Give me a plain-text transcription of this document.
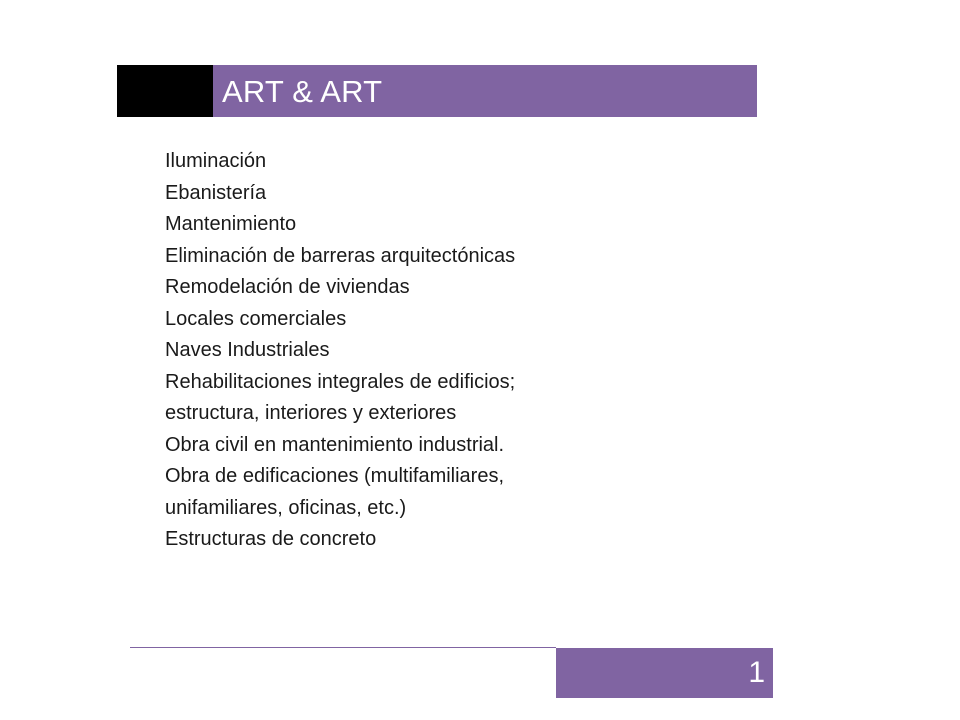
ART & ART
Iluminación
Ebanistería
Mantenimiento
Eliminación de barreras arquitectónicas
Remodelación de viviendas
Locales comerciales
Naves Industriales
Rehabilitaciones integrales de edificios;
estructura, interiores y exteriores
Obra civil en mantenimiento industrial.
Obra de edificaciones (multifamiliares,
unifamiliares, oficinas, etc.)
Estructuras de concreto
1
